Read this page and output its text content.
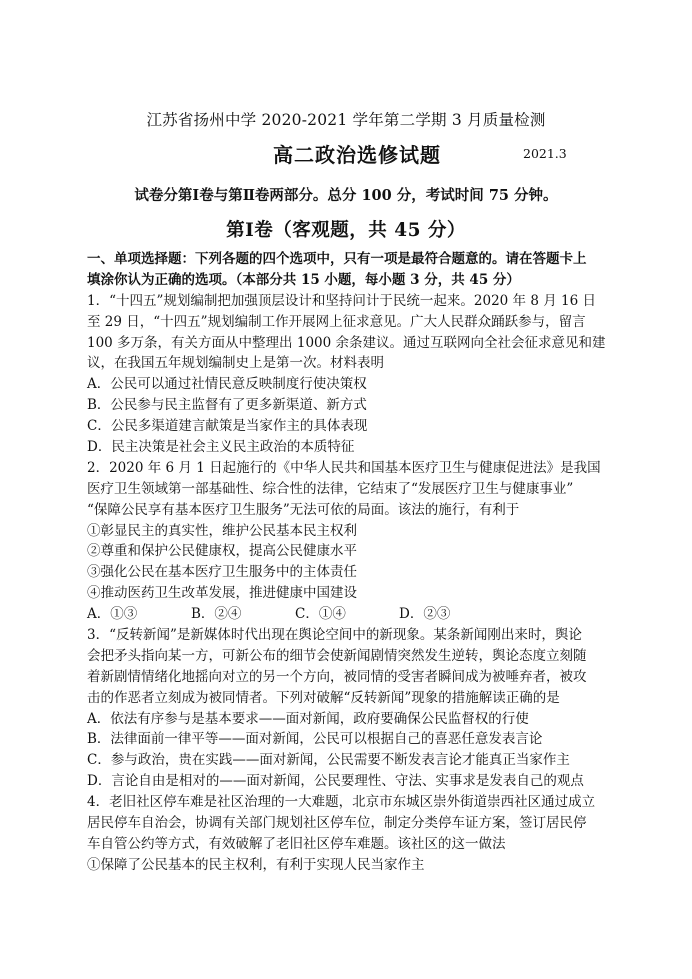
江苏省扬州中学 2020-2021 学年第二学期 3 月质量检测
高二政治选修试题	2021.3
试卷分第Ⅰ卷与第Ⅱ卷两部分。总分 100 分，考试时间 75 分钟。
第Ⅰ卷（客观题，共 45 分）
一、单项选择题：下列各题的四个选项中，只有一项是最符合题意的。请在答题卡上
填涂你认为正确的选项。（本部分共 15 小题，每小题 3 分，共 45 分）
1．“十四五”规划编制把加强顶层设计和坚持问计于民统一起来。2020 年 8 月 16 日
至 29 日，“十四五”规划编制工作开展网上征求意见。广大人民群众踊跃参与，留言
100 多万条，有关方面从中整理出 1000 余条建议。通过互联网向全社会征求意见和建
议，在我国五年规划编制史上是第一次。材料表明
A．公民可以通过社情民意反映制度行使决策权
B．公民参与民主监督有了更多新渠道、新方式
C．公民多渠道建言献策是当家作主的具体表现
D．民主决策是社会主义民主政治的本质特征
2．2020 年 6 月 1 日起施行的《中华人民共和国基本医疗卫生与健康促进法》是我国
医疗卫生领域第一部基础性、综合性的法律，它结束了“发展医疗卫生与健康事业”
“保障公民享有基本医疗卫生服务”无法可依的局面。该法的施行，有利于
①彰显民主的真实性，维护公民基本民主权利
②尊重和保护公民健康权，提高公民健康水平
③强化公民在基本医疗卫生服务中的主体责任
④推动医药卫生改革发展，推进健康中国建设
A．①③	B．②④	C．①④	D．②③
3．“反转新闻”是新媒体时代出现在舆论空间中的新现象。某条新闻刚出来时，舆论
会把矛头指向某一方，可新公布的细节会使新闻剧情突然发生逆转，舆论态度立刻随
着新剧情情绪化地摇向对立的另一个方向，被同情的受害者瞬间成为被唾弃者，被攻
击的作恶者立刻成为被同情者。下列对破解“反转新闻”现象的措施解读正确的是
A．依法有序参与是基本要求——面对新闻，政府要确保公民监督权的行使
B．法律面前一律平等——面对新闻，公民可以根据自己的喜恶任意发表言论
C．参与政治，贵在实践——面对新闻，公民需要不断发表言论才能真正当家作主
D．言论自由是相对的——面对新闻，公民要理性、守法、实事求是发表自己的观点
4．老旧社区停车难是社区治理的一大难题，北京市东城区崇外街道崇西社区通过成立
居民停车自治会，协调有关部门规划社区停车位，制定分类停车证方案，签订居民停
车自管公约等方式，有效破解了老旧社区停车难题。该社区的这一做法
①保障了公民基本的民主权利，有利于实现人民当家作主
